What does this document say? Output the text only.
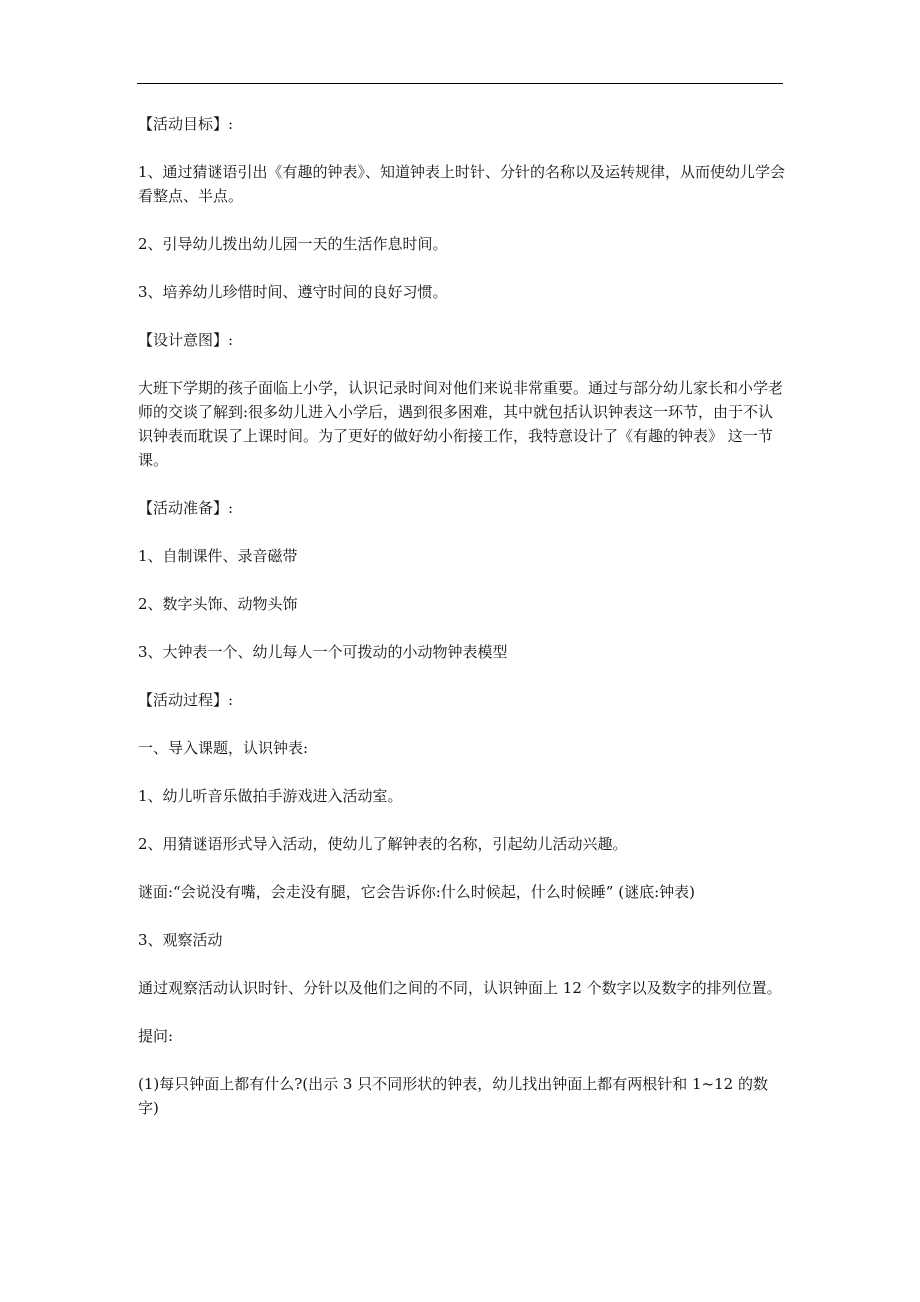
【活动目标】:

1、通过猜谜语引出《有趣的钟表》、知道钟表上时针、分针的名称以及运转规律，从而使幼儿学会看整点、半点。

2、引导幼儿拨出幼儿园一天的生活作息时间。

3、培养幼儿珍惜时间、遵守时间的良好习惯。

【设计意图】:

大班下学期的孩子面临上小学，认识记录时间对他们来说非常重要。通过与部分幼儿家长和小学老师的交谈了解到:很多幼儿进入小学后，遇到很多困难，其中就包括认识钟表这一环节，由于不认识钟表而耽误了上课时间。为了更好的做好幼小衔接工作，我特意设计了《有趣的钟表》 这一节课。

【活动准备】:

1、自制课件、录音磁带

2、数字头饰、动物头饰

3、大钟表一个、幼儿每人一个可拨动的小动物钟表模型

【活动过程】:

一、导入课题，认识钟表:

1、幼儿听音乐做拍手游戏进入活动室。

2、用猜谜语形式导入活动，使幼儿了解钟表的名称，引起幼儿活动兴趣。

谜面:“会说没有嘴，会走没有腿，它会告诉你:什么时候起，什么时候睡” (谜底:钟表)

3、观察活动

通过观察活动认识时针、分针以及他们之间的不同，认识钟面上 12 个数字以及数字的排列位置。

提问:

(1)每只钟面上都有什么?(出示 3 只不同形状的钟表，幼儿找出钟面上都有两根针和 1~12 的数字)
